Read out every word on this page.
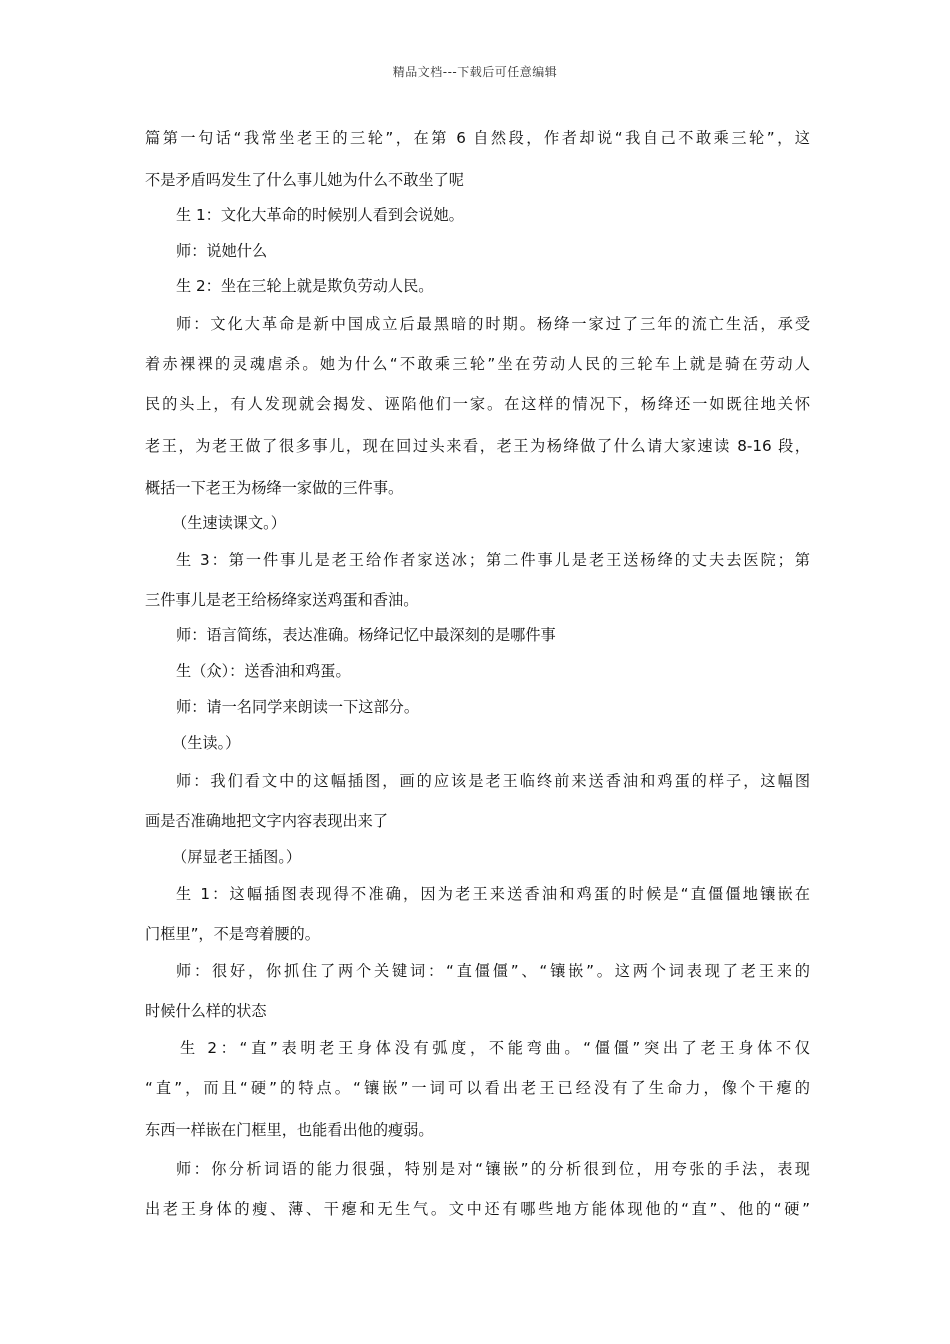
精品文档---下载后可任意编辑
篇第一句话“我常坐老王的三轮”，在第 6 自然段，作者却说“我自己不敢乘三轮”，这
不是矛盾吗发生了什么事儿她为什么不敢坐了呢
生 1：文化大革命的时候别人看到会说她。
师：说她什么
生 2：坐在三轮上就是欺负劳动人民。
师：文化大革命是新中国成立后最黑暗的时期。杨绛一家过了三年的流亡生活，承受
着赤裸裸的灵魂虐杀。她为什么“不敢乘三轮”坐在劳动人民的三轮车上就是骑在劳动人
民的头上，有人发现就会揭发、诬陷他们一家。在这样的情况下，杨绛还一如既往地关怀
老王，为老王做了很多事儿，现在回过头来看，老王为杨绛做了什么请大家速读 8-16 段，
概括一下老王为杨绛一家做的三件事。
（生速读课文。）
生 3：第一件事儿是老王给作者家送冰；第二件事儿是老王送杨绛的丈夫去医院；第
三件事儿是老王给杨绛家送鸡蛋和香油。
师：语言简练，表达准确。杨绛记忆中最深刻的是哪件事
生（众）：送香油和鸡蛋。
师：请一名同学来朗读一下这部分。
（生读。）
师：我们看文中的这幅插图，画的应该是老王临终前来送香油和鸡蛋的样子，这幅图
画是否准确地把文字内容表现出来了
（屏显老王插图。）
生 1：这幅插图表现得不准确，因为老王来送香油和鸡蛋的时候是“直僵僵地镶嵌在
门框里”，不是弯着腰的。
师：很好，你抓住了两个关键词：“直僵僵”、“镶嵌”。这两个词表现了老王来的
时候什么样的状态
生 2：“直”表明老王身体没有弧度，不能弯曲。“僵僵”突出了老王身体不仅
“直”，而且“硬”的特点。“镶嵌”一词可以看出老王已经没有了生命力，像个干瘪的
东西一样嵌在门框里，也能看出他的瘦弱。
师：你分析词语的能力很强，特别是对“镶嵌”的分析很到位，用夸张的手法，表现
出老王身体的瘦、薄、干瘪和无生气。文中还有哪些地方能体现他的“直”、他的“硬”
